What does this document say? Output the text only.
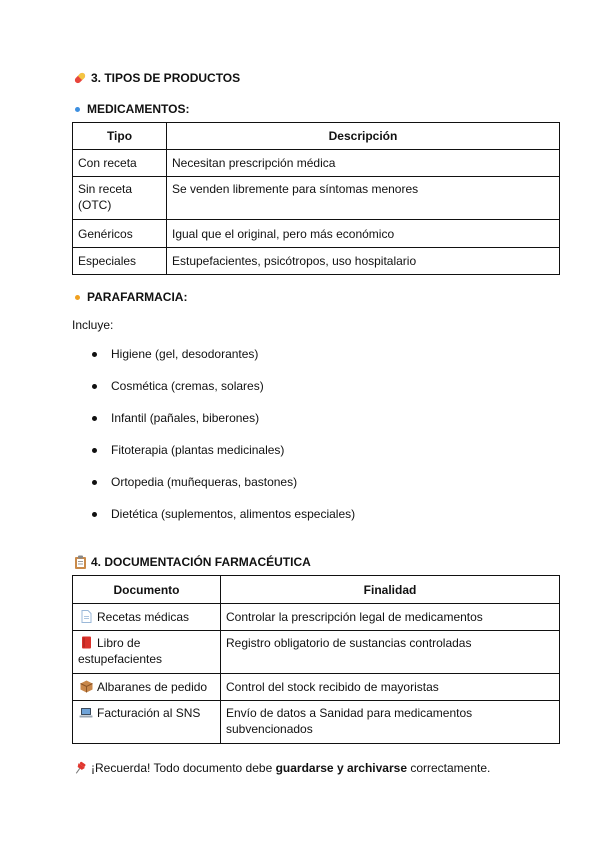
3. TIPOS DE PRODUCTOS
MEDICAMENTOS:
Tipo	Descripción
Con receta	Necesitan prescripción médica
Sin receta (OTC)	Se venden libremente para síntomas menores
Genéricos	Igual que el original, pero más económico
Especiales	Estupefacientes, psicótropos, uso hospitalario
PARAFARMACIA:
Incluye:
Higiene (gel, desodorantes)
Cosmética (cremas, solares)
Infantil (pañales, biberones)
Fitoterapia (plantas medicinales)
Ortopedia (muñequeras, bastones)
Dietética (suplementos, alimentos especiales)
4. DOCUMENTACIÓN FARMACÉUTICA
Documento	Finalidad

Recetas médicas	Controlar la prescripción legal de medicamentos

Libro de estupefacientes	Registro obligatorio de sustancias controladas

Albaranes de pedido	Control del stock recibido de mayoristas

Facturación al SNS	Envío de datos a Sanidad para medicamentos subvencionados
¡Recuerda! Todo documento debe guardarse y archivarse correctamente.
